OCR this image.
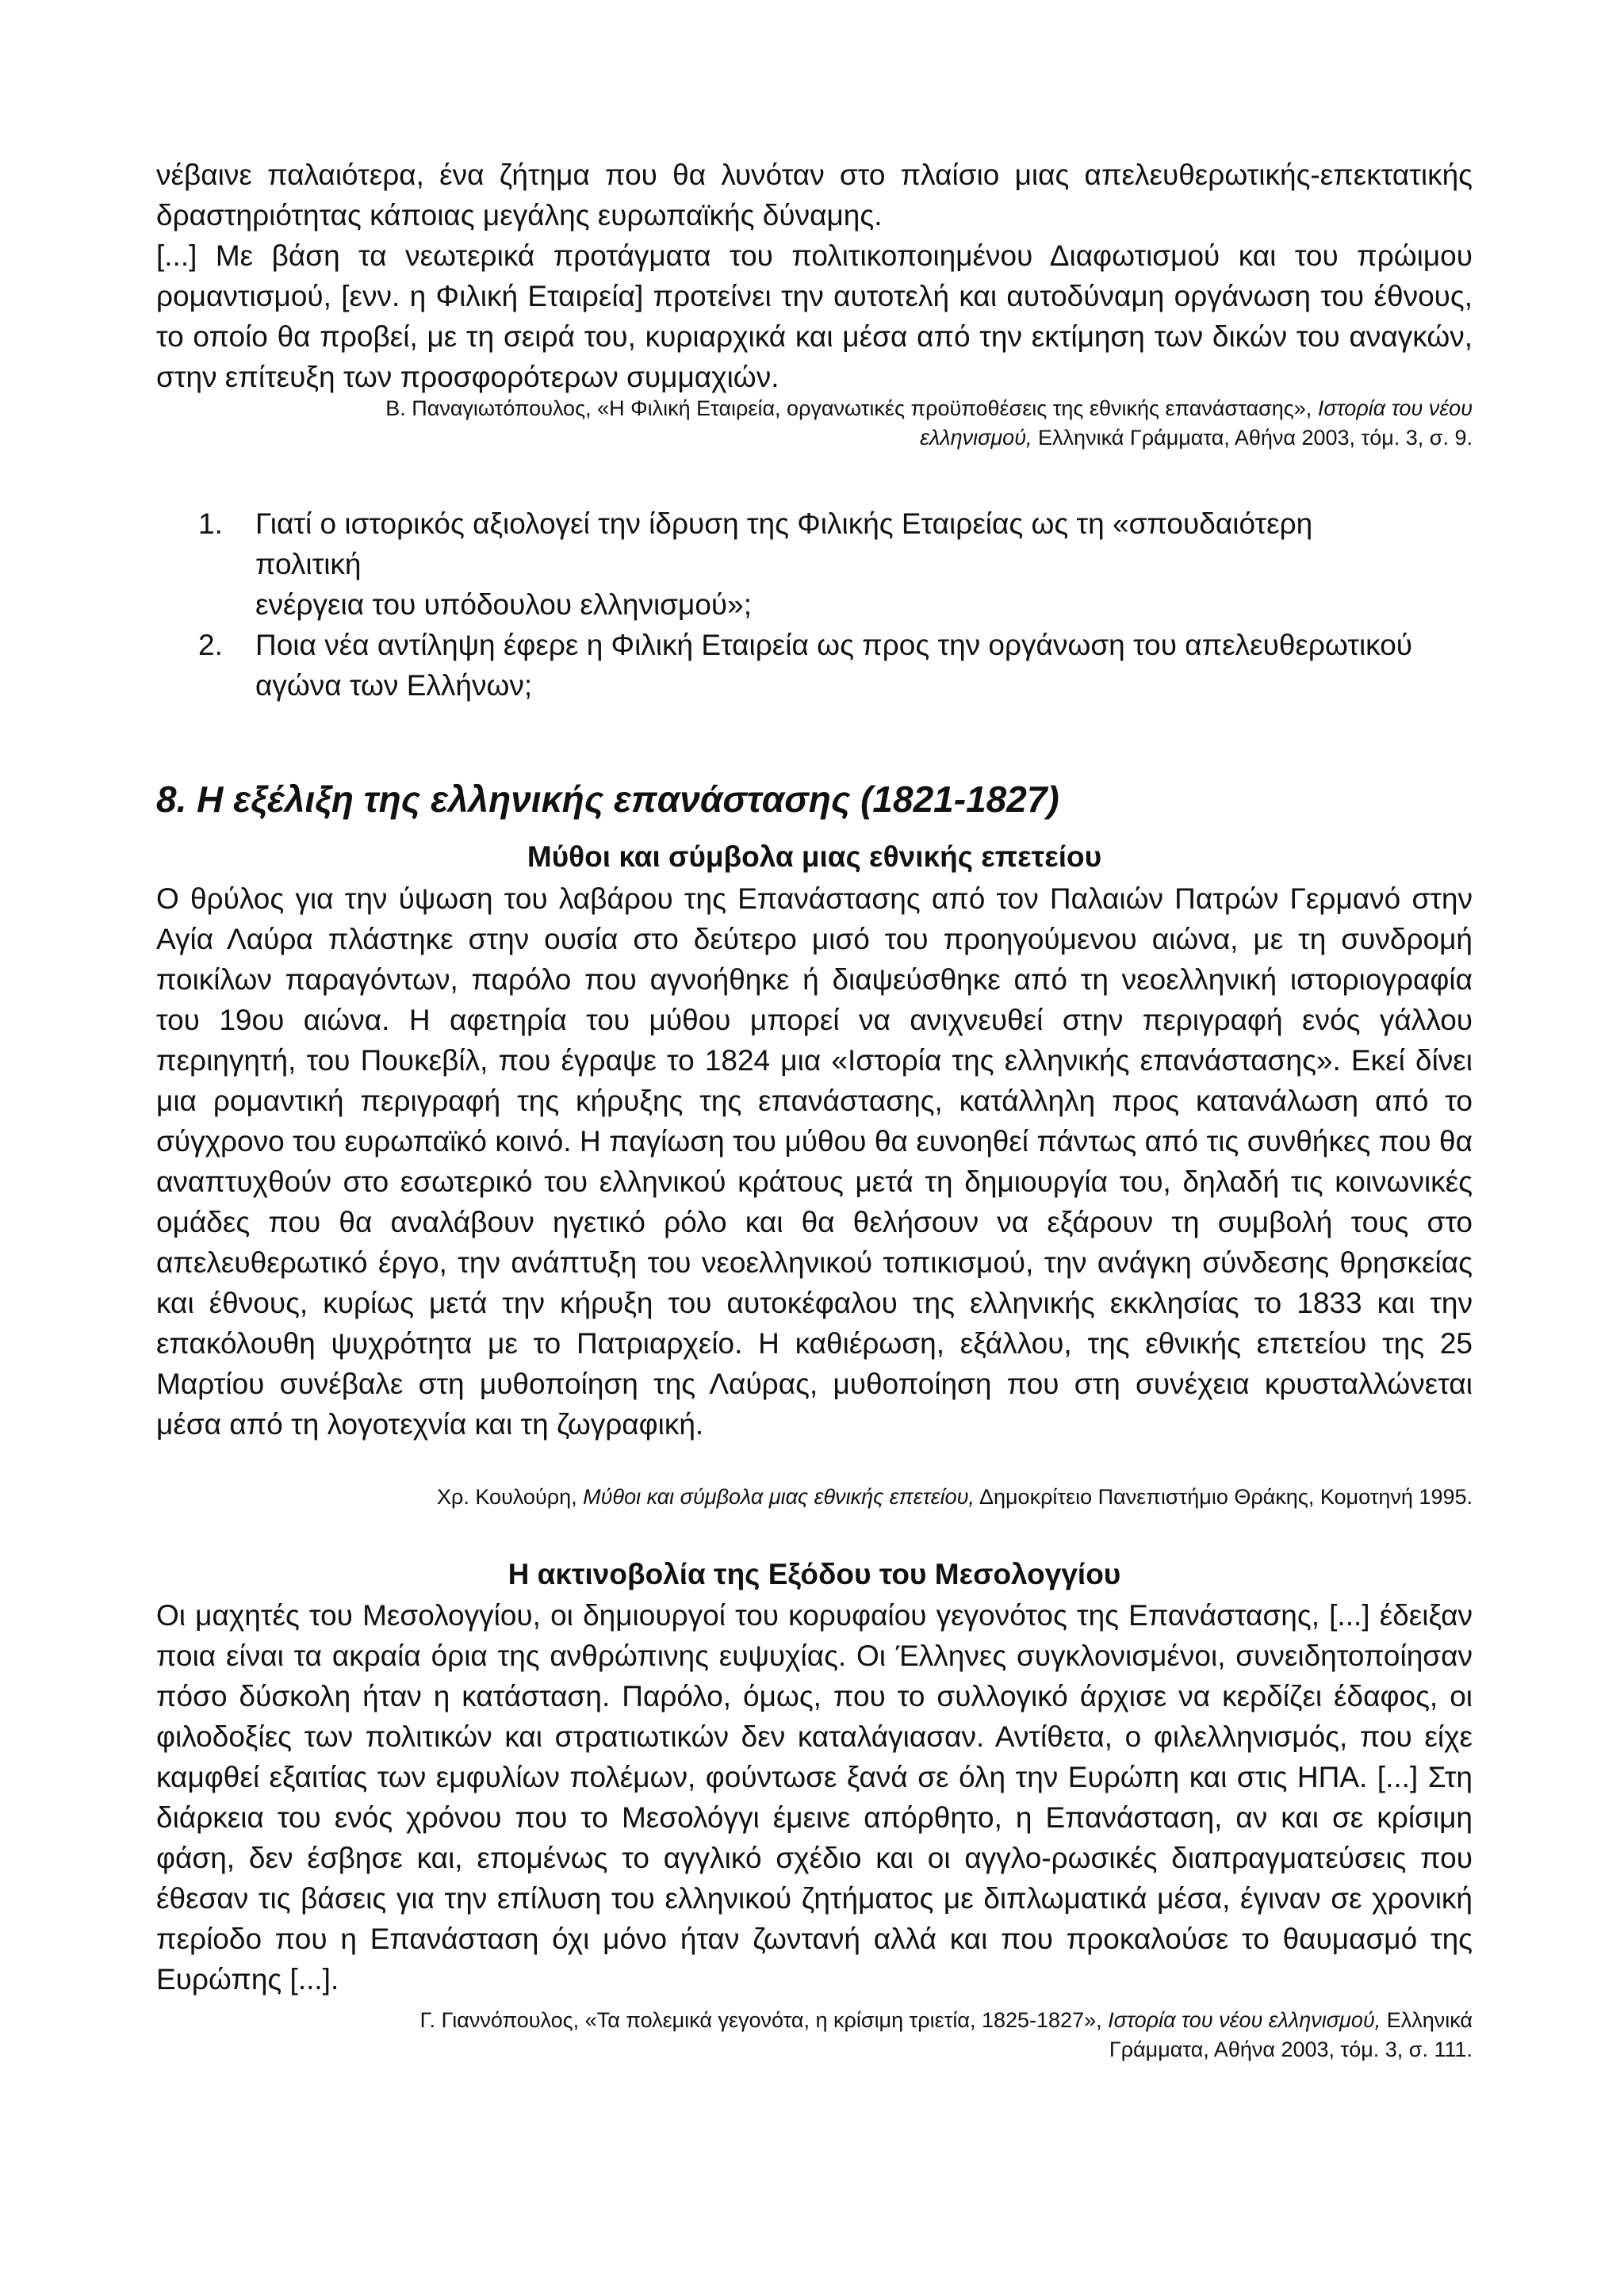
νέβαινε παλαιότερα, ένα ζήτημα που θα λυνόταν στο πλαίσιο μιας απελευθερωτικής-επεκτατικής δραστηριότητας κάποιας μεγάλης ευρωπαϊκής δύναμης.

[...] Με βάση τα νεωτερικά προτάγματα του πολιτικοποιημένου Διαφωτισμού και του πρώιμου ρομαντισμού, [ενν. η Φιλική Εταιρεία] προτείνει την αυτοτελή και αυτοδύναμη οργάνωση του έθνους, το οποίο θα προβεί, με τη σειρά του, κυριαρχικά και μέσα από την εκτίμηση των δικών του αναγκών, στην επίτευξη των προσφορότερων συμμαχιών.

Β. Παναγιωτόπουλος, «Η Φιλική Εταιρεία, οργανωτικές προϋποθέσεις της εθνικής επανάστασης», Ιστορία του νέου
ελληνισμού, Ελληνικά Γράμματα, Αθήνα 2003, τόμ. 3, σ. 9.
1. Γιατί ο ιστορικός αξιολογεί την ίδρυση της Φιλικής Εταιρείας ως τη «σπουδαιότερη
πολιτική
ενέργεια του υπόδουλου ελληνισμού»;
2. Ποια νέα αντίληψη έφερε η Φιλική Εταιρεία ως προς την οργάνωση του απελευθερωτικού
αγώνα των Ελλήνων;
8. Η εξέλιξη της ελληνικής επανάστασης (1821-1827)
Μύθοι και σύμβολα μιας εθνικής επετείου

Ο θρύλος για την ύψωση του λαβάρου της Επανάστασης από τον Παλαιών Πατρών Γερμανό στην Αγία Λαύρα πλάστηκε στην ουσία στο δεύτερο μισό του προηγούμενου αιώνα, με τη συνδρομή ποικίλων παραγόντων, παρόλο που αγνοήθηκε ή διαψεύσθηκε από τη νεοελληνική ιστοριογραφία του 19ου αιώνα. Η αφετηρία του μύθου μπορεί να ανιχνευθεί στην περιγραφή ενός γάλλου περιηγητή, του Πουκεβίλ, που έγραψε το 1824 μια «Ιστορία της ελληνικής επανάστασης». Εκεί δίνει μια ρομαντική περιγραφή της κήρυξης της επανάστασης, κατάλληλη προς κατανάλωση από το σύγχρονο του ευρωπαϊκό κοινό. Η παγίωση του μύθου θα ευνοηθεί πάντως από τις συνθήκες που θα αναπτυχθούν στο εσωτερικό του ελληνικού κράτους μετά τη δημιουργία του, δηλαδή τις κοινωνικές ομάδες που θα αναλάβουν ηγετικό ρόλο και θα θελήσουν να εξάρουν τη συμβολή τους στο απελευθερωτικό έργο, την ανάπτυξη του νεοελληνικού τοπικισμού, την ανάγκη σύνδεσης θρησκείας και έθνους, κυρίως μετά την κήρυξη του αυτοκέφαλου της ελληνικής εκκλησίας το 1833 και την επακόλουθη ψυχρότητα με το Πατριαρχείο. Η καθιέρωση, εξάλλου, της εθνικής επετείου της 25 Μαρτίου συνέβαλε στη μυθοποίηση της Λαύρας, μυθοποίηση που στη συνέχεια κρυσταλλώνεται μέσα από τη λογοτεχνία και τη ζωγραφική.

Χρ. Κουλούρη, Μύθοι και σύμβολα μιας εθνικής επετείου, Δημοκρίτειο Πανεπιστήμιο Θράκης, Κομοτηνή 1995.
Η ακτινοβολία της Εξόδου του Μεσολογγίου

Οι μαχητές του Μεσολογγίου, οι δημιουργοί του κορυφαίου γεγονότος της Επανάστασης, [...] έδειξαν ποια είναι τα ακραία όρια της ανθρώπινης ευψυχίας. Οι Έλληνες συγκλονισμένοι, συνειδητοποίησαν πόσο δύσκολη ήταν η κατάσταση. Παρόλο, όμως, που το συλλογικό άρχισε να κερδίζει έδαφος, οι φιλοδοξίες των πολιτικών και στρατιωτικών δεν καταλάγιασαν. Αντίθετα, ο φιλελληνισμός, που είχε καμφθεί εξαιτίας των εμφυλίων πολέμων, φούντωσε ξανά σε όλη την Ευρώπη και στις ΗΠΑ. [...] Στη διάρκεια του ενός χρόνου που το Μεσολόγγι έμεινε απόρθητο, η Επανάσταση, αν και σε κρίσιμη φάση, δεν έσβησε και, επομένως το αγγλικό σχέδιο και οι αγγλο-ρωσικές διαπραγματεύσεις που έθεσαν τις βάσεις για την επίλυση του ελληνικού ζητήματος με διπλωματικά μέσα, έγιναν σε χρονική περίοδο που η Επανάσταση όχι μόνο ήταν ζωντανή αλλά και που προκαλούσε το θαυμασμό της Ευρώπης [...].

Γ. Γιαννόπουλος, «Τα πολεμικά γεγονότα, η κρίσιμη τριετία, 1825-1827», Ιστορία του νέου ελληνισμού, Ελληνικά
Γράμματα, Αθήνα 2003, τόμ. 3, σ. 111.
